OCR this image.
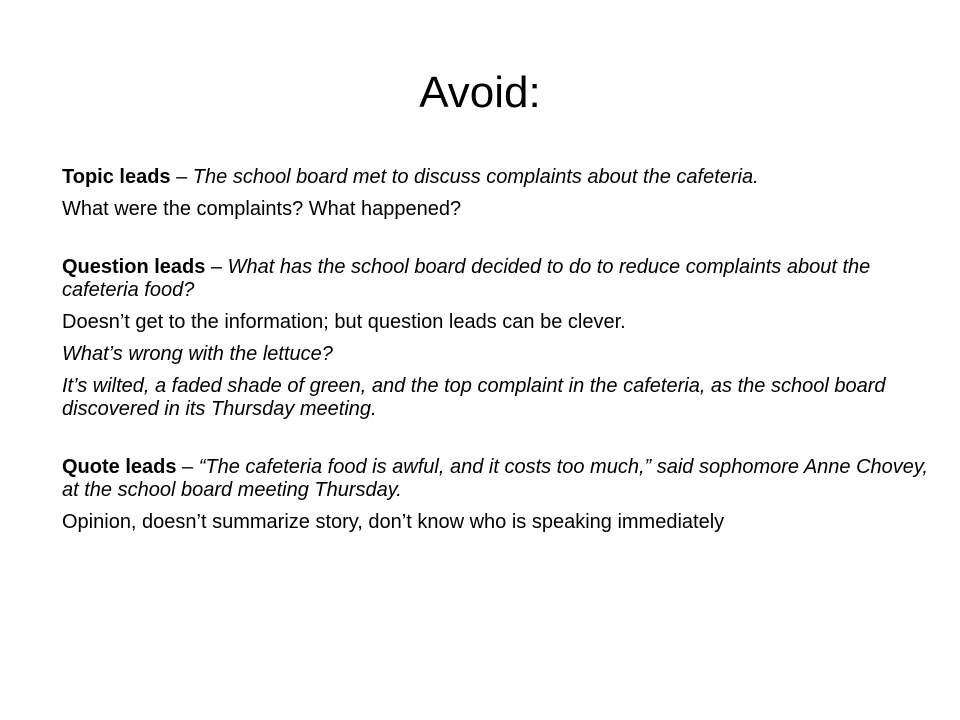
Avoid:

Topic leads – The school board met to discuss complaints about the cafeteria.

What were the complaints? What happened?

Question leads – What has the school board decided to do to reduce complaints about the cafeteria food?

Doesn’t get to the information; but question leads can be clever.

What’s wrong with the lettuce?

It’s wilted, a faded shade of green, and the top complaint in the cafeteria, as the school board discovered in its Thursday meeting.

Quote leads – “The cafeteria food is awful, and it costs too much,” said sophomore Anne Chovey, at the school board meeting Thursday.

Opinion, doesn’t summarize story, don’t know who is speaking immediately
